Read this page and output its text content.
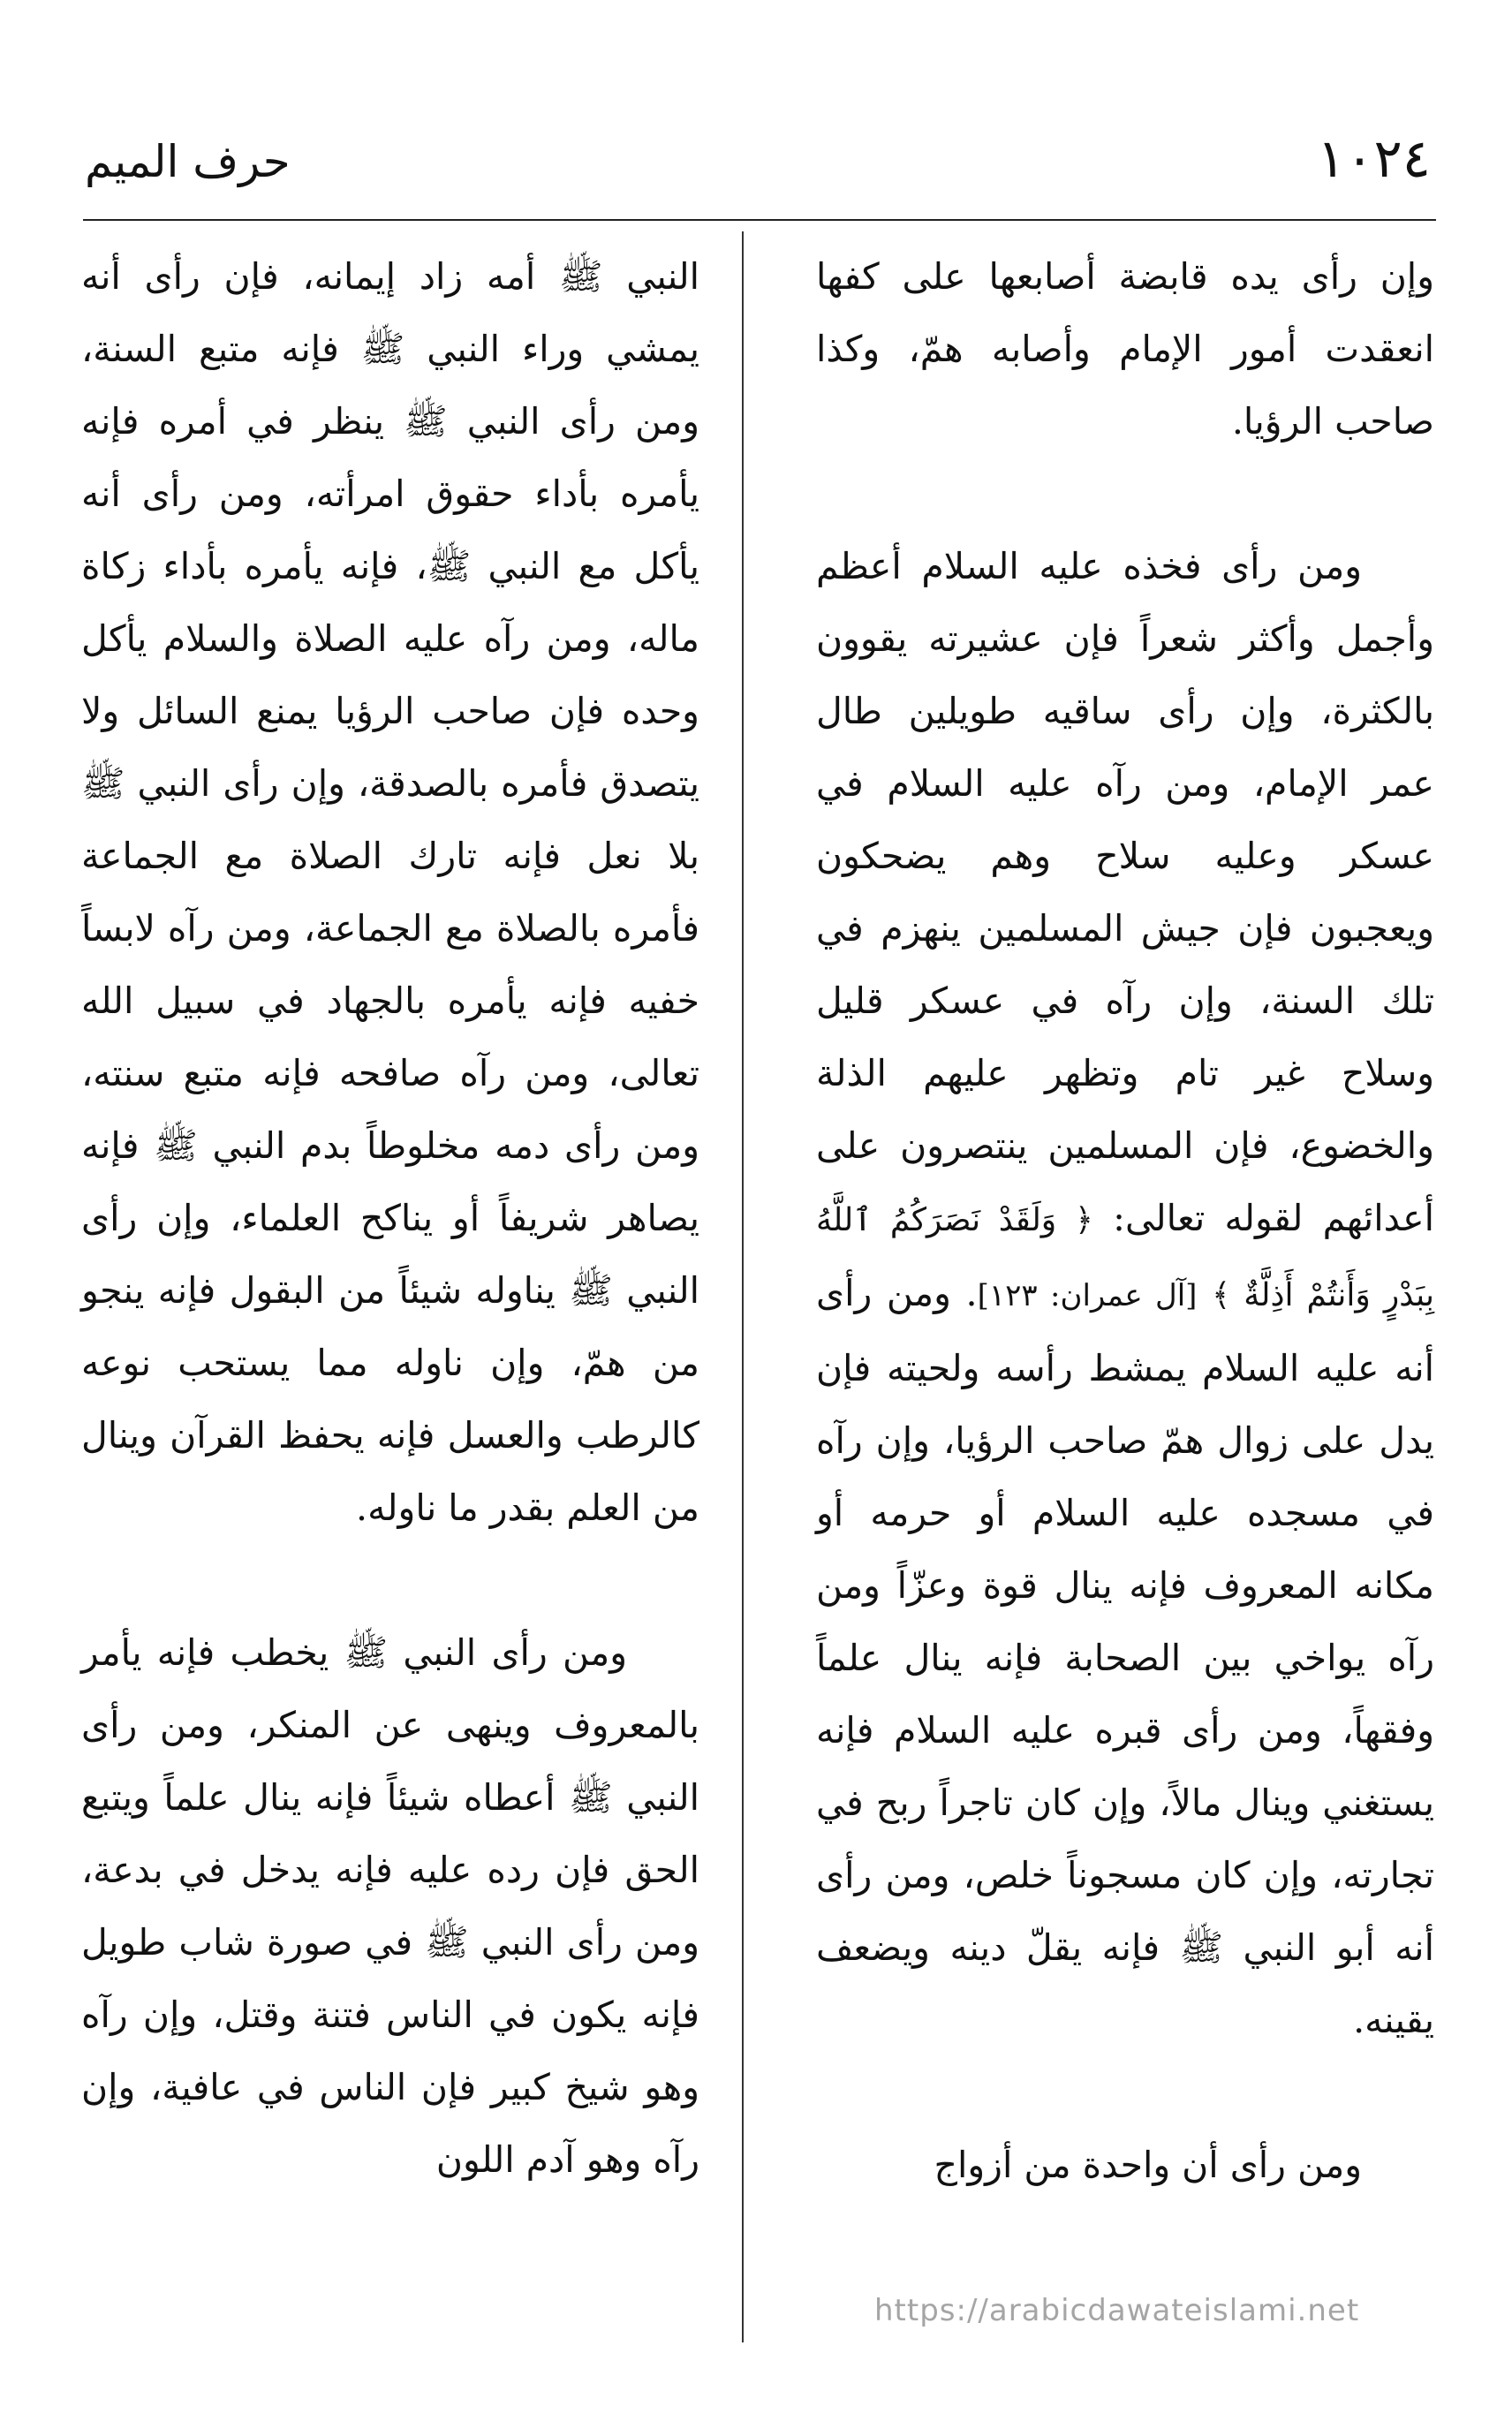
١٠٢٤
حرف الميم

وإن رأى يده قابضة أصابعها على كفها انعقدت أمور الإمام وأصابه همّ، وكذا صاحب الرؤيا.

ومن رأى فخذه عليه السلام أعظم وأجمل وأكثر شعراً فإن عشيرته يقوون بالكثرة، وإن رأى ساقيه طويلين طال عمر الإمام، ومن رآه عليه السلام في عسكر وعليه سلاح وهم يضحكون ويعجبون فإن جيش المسلمين ينهزم في تلك السنة، وإن رآه في عسكر قليل وسلاح غير تام وتظهر عليهم الذلة والخضوع، فإن المسلمين ينتصرون على أعدائهم لقوله تعالى: ﴿ وَلَقَدْ نَصَرَكُمُ ٱللَّهُ بِبَدْرٍ وَأَنتُمْ أَذِلَّةٌ ﴾ [آل عمران: ١٢٣]. ومن رأى أنه عليه السلام يمشط رأسه ولحيته فإن يدل على زوال همّ صاحب الرؤيا، وإن رآه في مسجده عليه السلام أو حرمه أو مكانه المعروف فإنه ينال قوة وعزّاً ومن رآه يواخي بين الصحابة فإنه ينال علماً وفقهاً، ومن رأى قبره عليه السلام فإنه يستغني وينال مالاً، وإن كان تاجراً ربح في تجارته، وإن كان مسجوناً خلص، ومن رأى أنه أبو النبي ﷺ فإنه يقلّ دينه ويضعف يقينه.

ومن رأى أن واحدة من أزواج

النبي ﷺ أمه زاد إيمانه، فإن رأى أنه يمشي وراء النبي ﷺ فإنه متبع السنة، ومن رأى النبي ﷺ ينظر في أمره فإنه يأمره بأداء حقوق امرأته، ومن رأى أنه يأكل مع النبي ﷺ، فإنه يأمره بأداء زكاة ماله، ومن رآه عليه الصلاة والسلام يأكل وحده فإن صاحب الرؤيا يمنع السائل ولا يتصدق فأمره بالصدقة، وإن رأى النبي ﷺ بلا نعل فإنه تارك الصلاة مع الجماعة فأمره بالصلاة مع الجماعة، ومن رآه لابساً خفيه فإنه يأمره بالجهاد في سبيل الله تعالى، ومن رآه صافحه فإنه متبع سنته، ومن رأى دمه مخلوطاً بدم النبي ﷺ فإنه يصاهر شريفاً أو يناكح العلماء، وإن رأى النبي ﷺ يناوله شيئاً من البقول فإنه ينجو من همّ، وإن ناوله مما يستحب نوعه كالرطب والعسل فإنه يحفظ القرآن وينال من العلم بقدر ما ناوله.

ومن رأى النبي ﷺ يخطب فإنه يأمر بالمعروف وينهى عن المنكر، ومن رأى النبي ﷺ أعطاه شيئاً فإنه ينال علماً ويتبع الحق فإن رده عليه فإنه يدخل في بدعة، ومن رأى النبي ﷺ في صورة شاب طويل فإنه يكون في الناس فتنة وقتل، وإن رآه وهو شيخ كبير فإن الناس في عافية، وإن رآه وهو آدم اللون

https://arabicdawateislami.net
